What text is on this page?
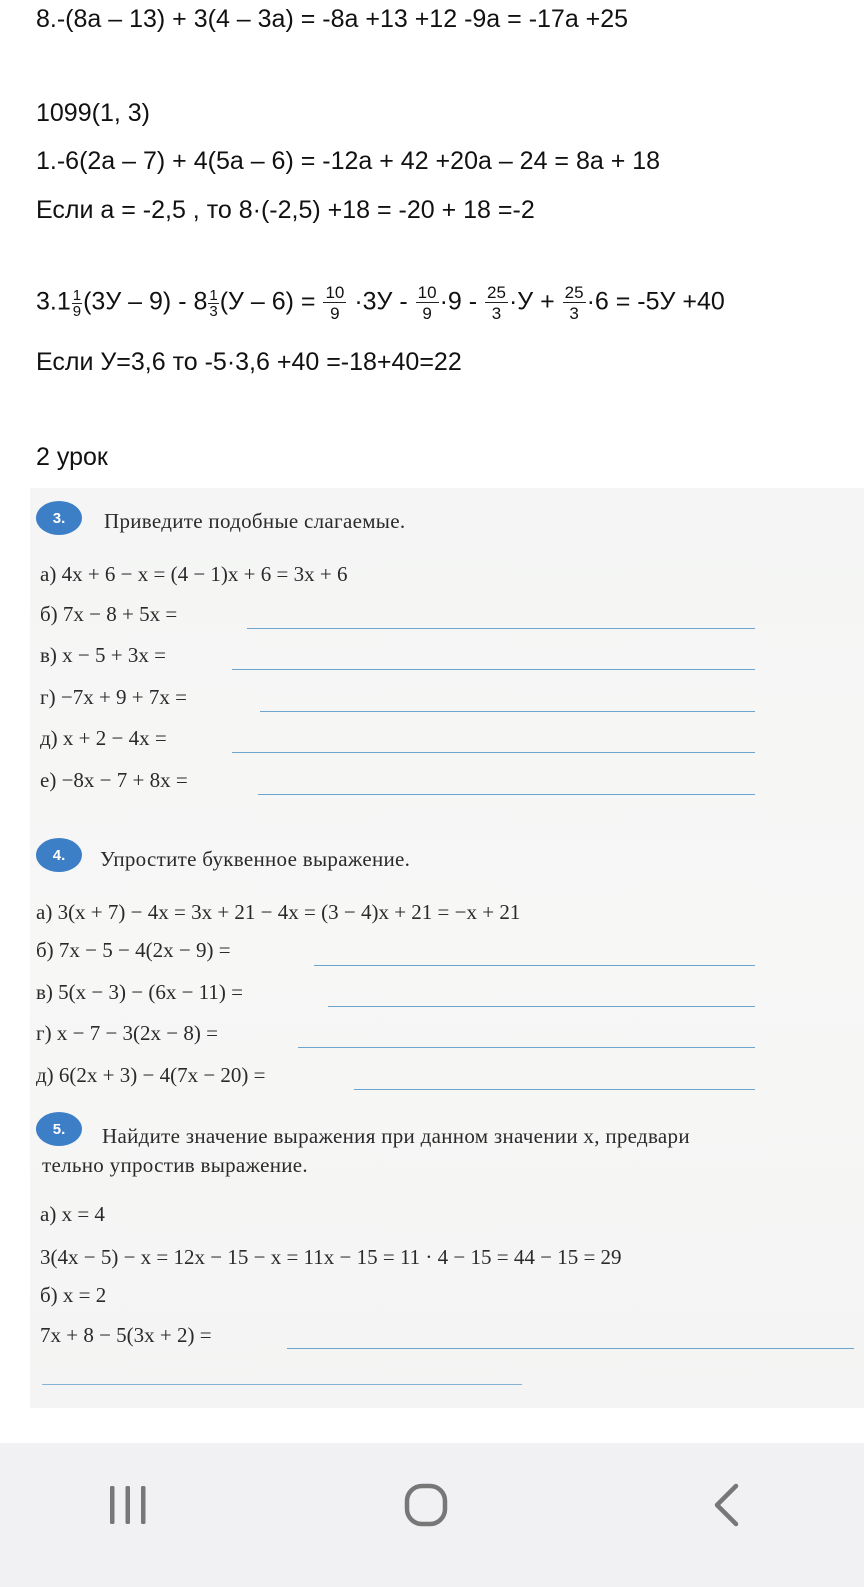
8.-(8a – 13) + 3(4 – 3a) = -8a +13 +12 -9a = -17a +25
1099(1, 3)
1.-6(2a – 7) + 4(5a – 6) = -12a + 42 +20a – 24 = 8a + 18
Если a = -2,5 , то 8·(-2,5) +18 = -20 + 18 =-2
$3.1 \frac{1}{9} (3У - 9) - 8 \frac{1}{3} (У - 6) = \frac{10}{9} \cdot 3У - \frac{10}{9} \cdot 9 - \frac{25}{3} \cdot У + \frac{25}{3} \cdot 6 = -5У +40$
Если У=3,6 то -5·3,6 +40 =-18+40=22
2 урок
3.	Приведите подобные слагаемые.
а) 4x + 6 − x = (4 − 1)x + 6 = 3x + 6
б) 7x − 8 + 5x =
в) x − 5 + 3x =
г) −7x + 9 + 7x =
д) x + 2 − 4x =
е) −8x − 7 + 8x =
4.	Упростите буквенное выражение.
а) 3(x + 7) − 4x = 3x + 21 − 4x = (3 − 4)x + 21 = −x + 21
б) 7x − 5 − 4(2x − 9) =
в) 5(x − 3) − (6x − 11) =
г) x − 7 − 3(2x − 8) =
д) 6(2x + 3) − 4(7x − 20) =
5.	Найдите значение выражения при данном значении x, предвари
тельно упростив выражение.
а) x = 4
3(4x − 5) − x = 12x − 15 − x = 11x − 15 = 11 · 4 − 15 = 44 − 15 = 29
б) x = 2
7x + 8 − 5(3x + 2) =
